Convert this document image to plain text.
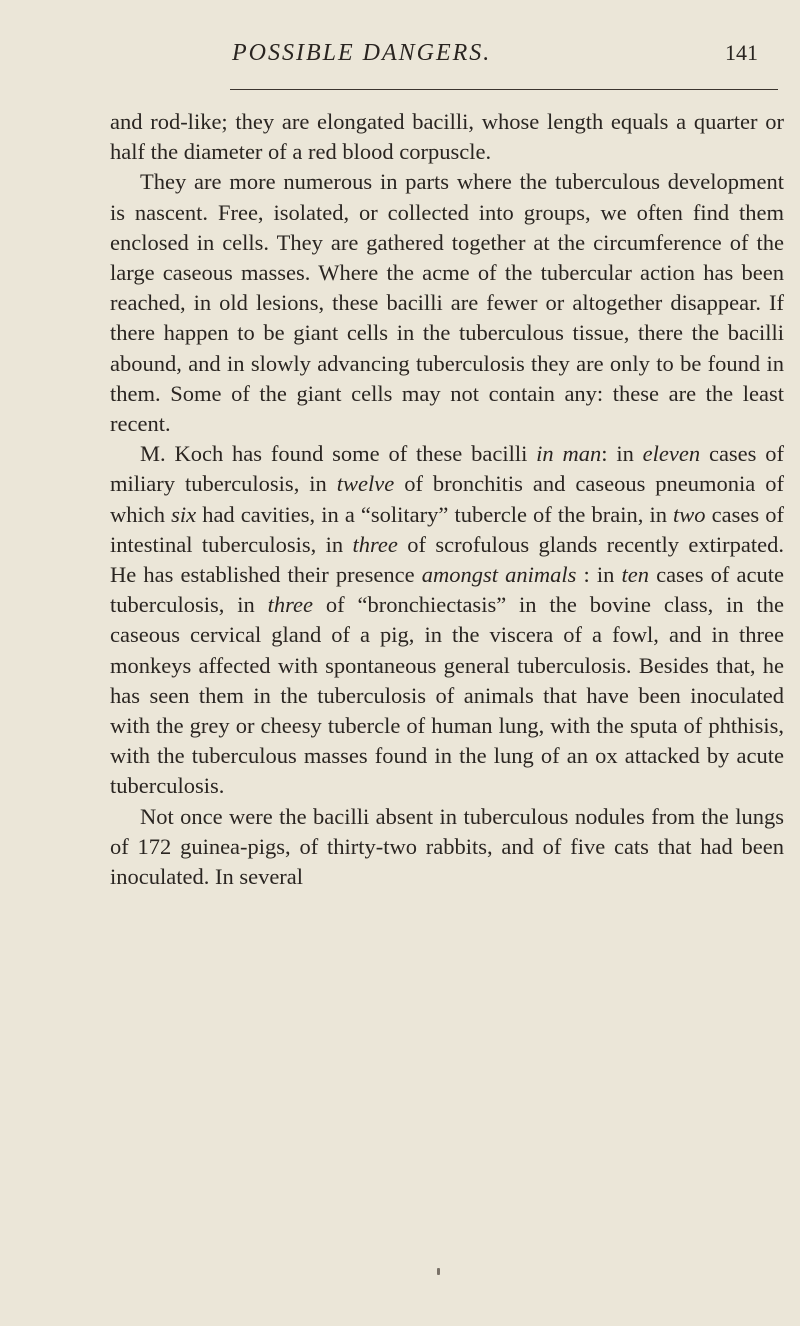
POSSIBLE DANGERS.	141

and rod-like; they are elongated bacilli, whose length equals a quarter or half the diameter of a red blood corpuscle.

They are more numerous in parts where the tuberculous development is nascent. Free, isolated, or collected into groups, we often find them enclosed in cells. They are gathered together at the circumference of the large caseous masses. Where the acme of the tubercular action has been reached, in old lesions, these bacilli are fewer or altogether disappear. If there happen to be giant cells in the tuberculous tissue, there the bacilli abound, and in slowly advancing tuberculosis they are only to be found in them. Some of the giant cells may not contain any: these are the least recent.

M. Koch has found some of these bacilli in man: in eleven cases of miliary tuberculosis, in twelve of bronchitis and caseous pneumonia of which six had cavities, in a “solitary” tubercle of the brain, in two cases of intestinal tuberculosis, in three of scrofulous glands recently extirpated. He has established their presence amongst animals : in ten cases of acute tuberculosis, in three of “bronchiectasis” in the bovine class, in the caseous cervical gland of a pig, in the viscera of a fowl, and in three monkeys affected with spontaneous general tuberculosis. Besides that, he has seen them in the tuberculosis of animals that have been inoculated with the grey or cheesy tubercle of human lung, with the sputa of phthisis, with the tuberculous masses found in the lung of an ox attacked by acute tuberculosis.

Not once were the bacilli absent in tuberculous nodules from the lungs of 172 guinea-pigs, of thirty-two rabbits, and of five cats that had been inoculated. In several
